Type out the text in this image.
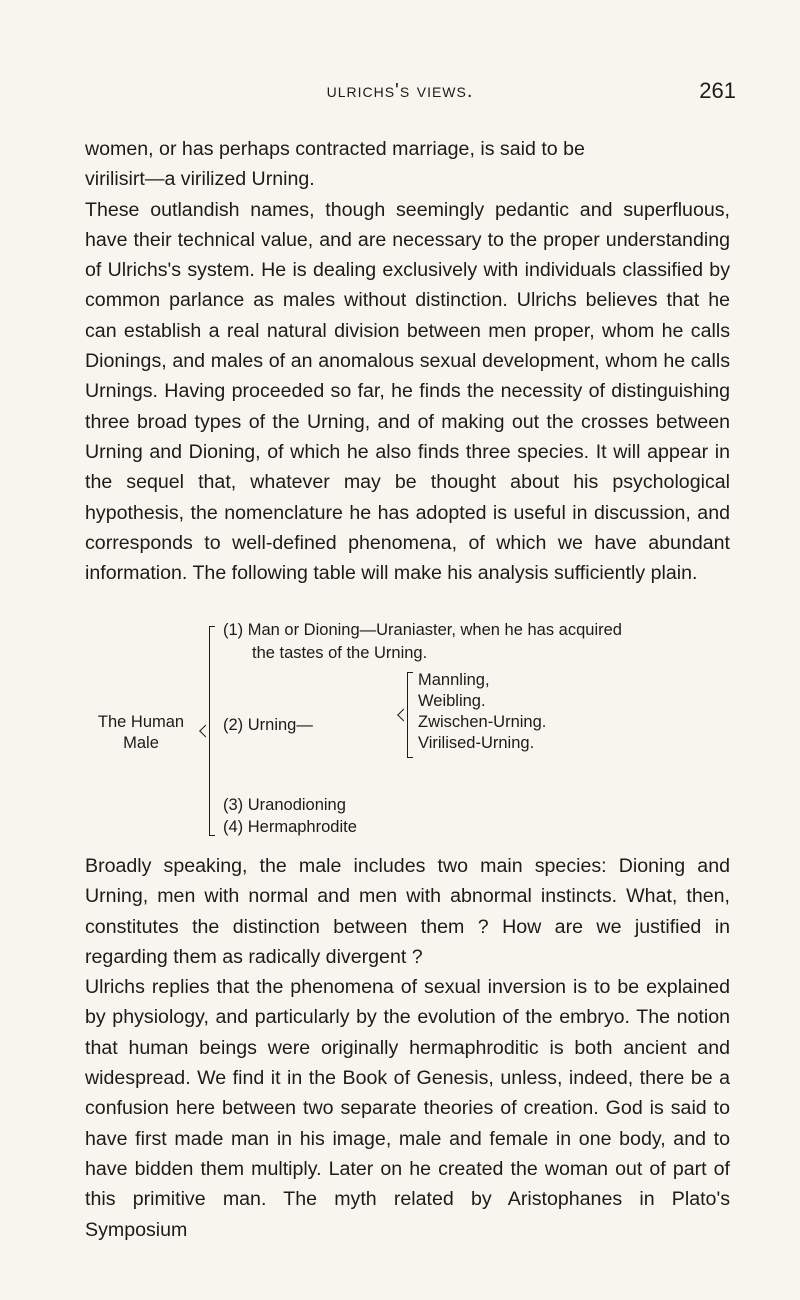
ulrichs's views.	261

women, or has perhaps contracted marriage, is said to be

virilisirt—a virilized Urning.

These outlandish names, though seemingly pedantic and superfluous, have their technical value, and are necessary to the proper understanding of Ulrichs's system. He is dealing exclusively with individuals classified by common parlance as males without distinction. Ulrichs believes that he can establish a real natural division between men proper, whom he calls Dionings, and males of an anomalous sexual development, whom he calls Urnings. Having proceeded so far, he finds the necessity of distinguishing three broad types of the Urning, and of making out the crosses between Urning and Dioning, of which he also finds three species. It will appear in the sequel that, whatever may be thought about his psychological hypothesis, the nomenclature he has adopted is useful in discussion, and corresponds to well-defined phenomena, of which we have abundant information. The following table will make his analysis sufficiently plain.

The Human
Male
(1) Man or Dioning—Uraniaster, when he has acquired
the tastes of the Urning.
(2) Urning—
Mannling,
Weibling.
Zwischen-Urning.
Virilised-Urning.
(3) Uranodioning
(4) Hermaphrodite

Broadly speaking, the male includes two main species: Dioning and Urning, men with normal and men with abnormal instincts. What, then, constitutes the distinction between them ? How are we justified in regarding them as radically divergent ?

Ulrichs replies that the phenomena of sexual inversion is to be explained by physiology, and particularly by the evolution of the embryo. The notion that human beings were originally hermaphroditic is both ancient and widespread. We find it in the Book of Genesis, unless, indeed, there be a confusion here between two separate theories of creation. God is said to have first made man in his image, male and female in one body, and to have bidden them multiply. Later on he created the woman out of part of this primitive man. The myth related by Aristophanes in Plato's Symposium
